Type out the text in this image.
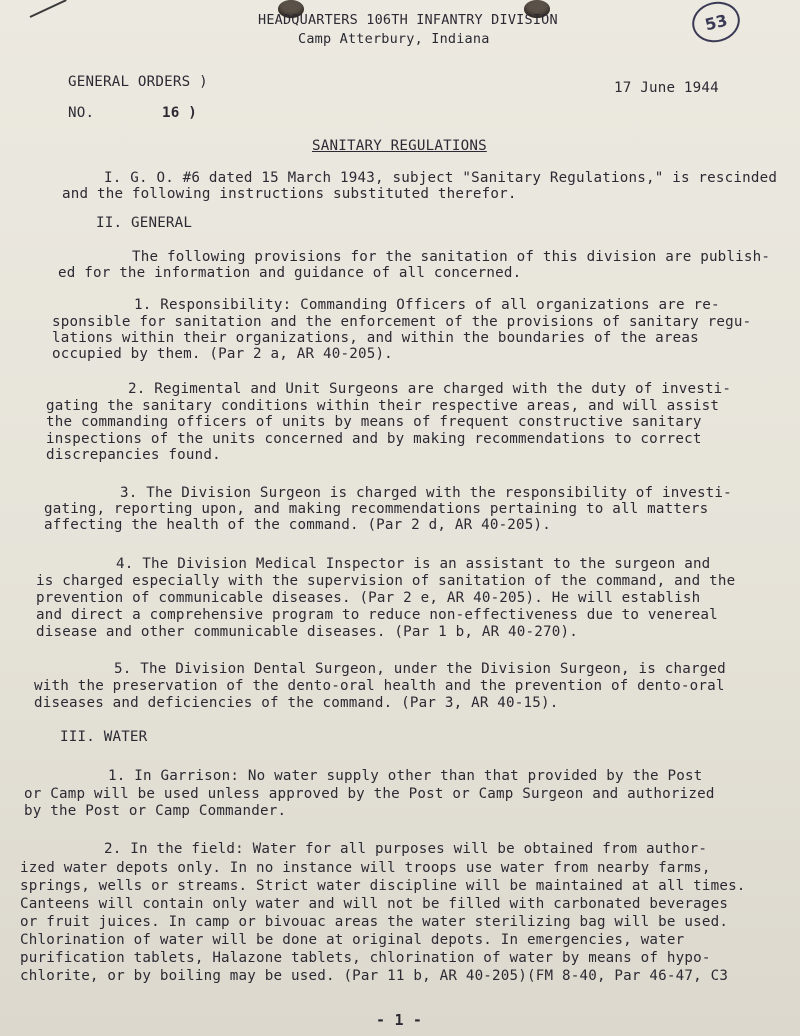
53
HEADQUARTERS 106TH INFANTRY DIVISION
Camp Atterbury, Indiana
GENERAL ORDERS )
NO.	16 )
17 June 1944
SANITARY REGULATIONS
I. G. O. #6 dated 15 March 1943, subject "Sanitary Regulations," is rescinded
and the following instructions substituted therefor.
II. GENERAL
The following provisions for the sanitation of this division are publish-
ed for the information and guidance of all concerned.
1. Responsibility: Commanding Officers of all organizations are re-
sponsible for sanitation and the enforcement of the provisions of sanitary regu-
lations within their organizations, and within the boundaries of the areas
occupied by them. (Par 2 a, AR 40-205).
2. Regimental and Unit Surgeons are charged with the duty of investi-
gating the sanitary conditions within their respective areas, and will assist
the commanding officers of units by means of frequent constructive sanitary
inspections of the units concerned and by making recommendations to correct
discrepancies found.
3. The Division Surgeon is charged with the responsibility of investi-
gating, reporting upon, and making recommendations pertaining to all matters
affecting the health of the command. (Par 2 d, AR 40-205).
4. The Division Medical Inspector is an assistant to the surgeon and
is charged especially with the supervision of sanitation of the command, and the
prevention of communicable diseases. (Par 2 e, AR 40-205). He will establish
and direct a comprehensive program to reduce non-effectiveness due to venereal
disease and other communicable diseases. (Par 1 b, AR 40-270).
5. The Division Dental Surgeon, under the Division Surgeon, is charged
with the preservation of the dento-oral health and the prevention of dento-oral
diseases and deficiencies of the command. (Par 3, AR 40-15).
III. WATER
1. In Garrison: No water supply other than that provided by the Post
or Camp will be used unless approved by the Post or Camp Surgeon and authorized
by the Post or Camp Commander.
2. In the field: Water for all purposes will be obtained from author-
ized water depots only. In no instance will troops use water from nearby farms,
springs, wells or streams. Strict water discipline will be maintained at all times.
Canteens will contain only water and will not be filled with carbonated beverages
or fruit juices. In camp or bivouac areas the water sterilizing bag will be used.
Chlorination of water will be done at original depots. In emergencies, water
purification tablets, Halazone tablets, chlorination of water by means of hypo-
chlorite, or by boiling may be used. (Par 11 b, AR 40-205)(FM 8-40, Par 46-47, C3
- 1 -
